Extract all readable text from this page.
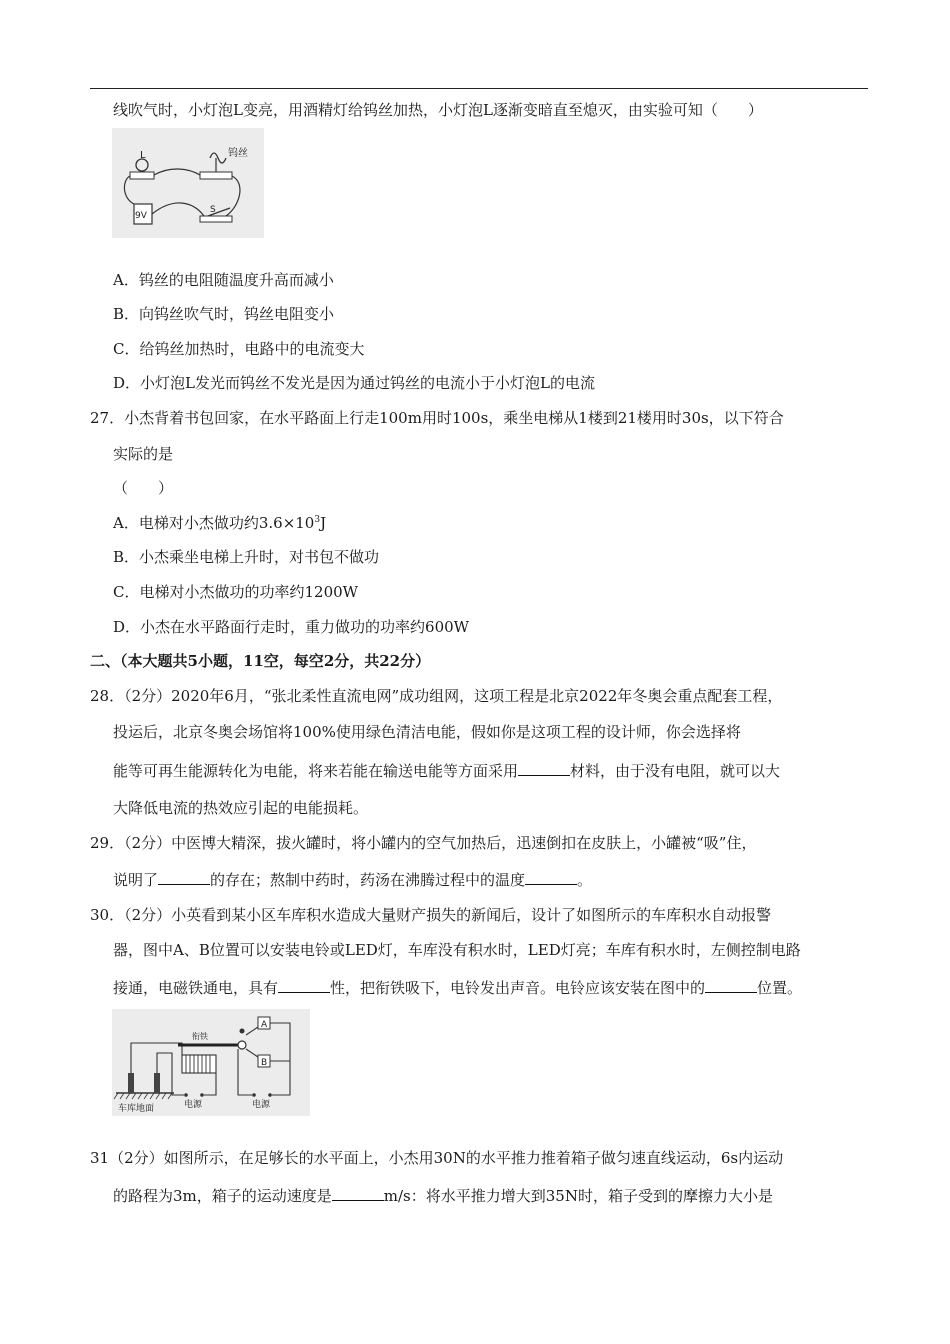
线吹气时，小灯泡L变亮，用酒精灯给钨丝加热，小灯泡L逐渐变暗直至熄灭，由实验可知（　　）
L	钨丝
9V
S
A．钨丝的电阻随温度升高而减小
B．向钨丝吹气时，钨丝电阻变小
C．给钨丝加热时，电路中的电流变大
D．小灯泡L发光而钨丝不发光是因为通过钨丝的电流小于小灯泡L的电流
27．小杰背着书包回家，在水平路面上行走100m用时100s，乘坐电梯从1楼到21楼用时30s，以下符合
实际的是
（　　）
A．电梯对小杰做功约$3.6\times 10^3J$
B．小杰乘坐电梯上升时，对书包不做功
C．电梯对小杰做功的功率约1200W
D．小杰在水平路面行走时，重力做功的功率约600W
二、（本大题共5小题，11空，每空2分，共22分）
28．（2分）2020年6月，“张北柔性直流电网”成功组网，这项工程是北京2022年冬奥会重点配套工程，
投运后，北京冬奥会场馆将100%使用绿色清洁电能，假如你是这项工程的设计师，你会选择将
能等可再生能源转化为电能，将来若能在输送电能等方面采用	材料，由于没有电阻，就可以大
大降低电流的热效应引起的电能损耗。
29．（2分）中医博大精深，拔火罐时，将小罐内的空气加热后，迅速倒扣在皮肤上，小罐被“吸”住，
说明了	的存在；熬制中药时，药汤在沸腾过程中的温度	。
30．（2分）小英看到某小区车库积水造成大量财产损失的新闻后，设计了如图所示的车库积水自动报警
器，图中A、B位置可以安装电铃或LED灯，车库没有积水时，LED灯亮；车库有积水时，左侧控制电路
接通，电磁铁通电，具有	性，把衔铁吸下，电铃发出声音。电铃应该安装在图中的	位置。
衔铁
A
B
车库地面	电源	电源
31（2分）如图所示，在足够长的水平面上，小杰用30N的水平推力推着箱子做匀速直线运动，6s内运动
的路程为3m，箱子的运动速度是	m/s：将水平推力增大到35N时，箱子受到的摩擦力大小是
